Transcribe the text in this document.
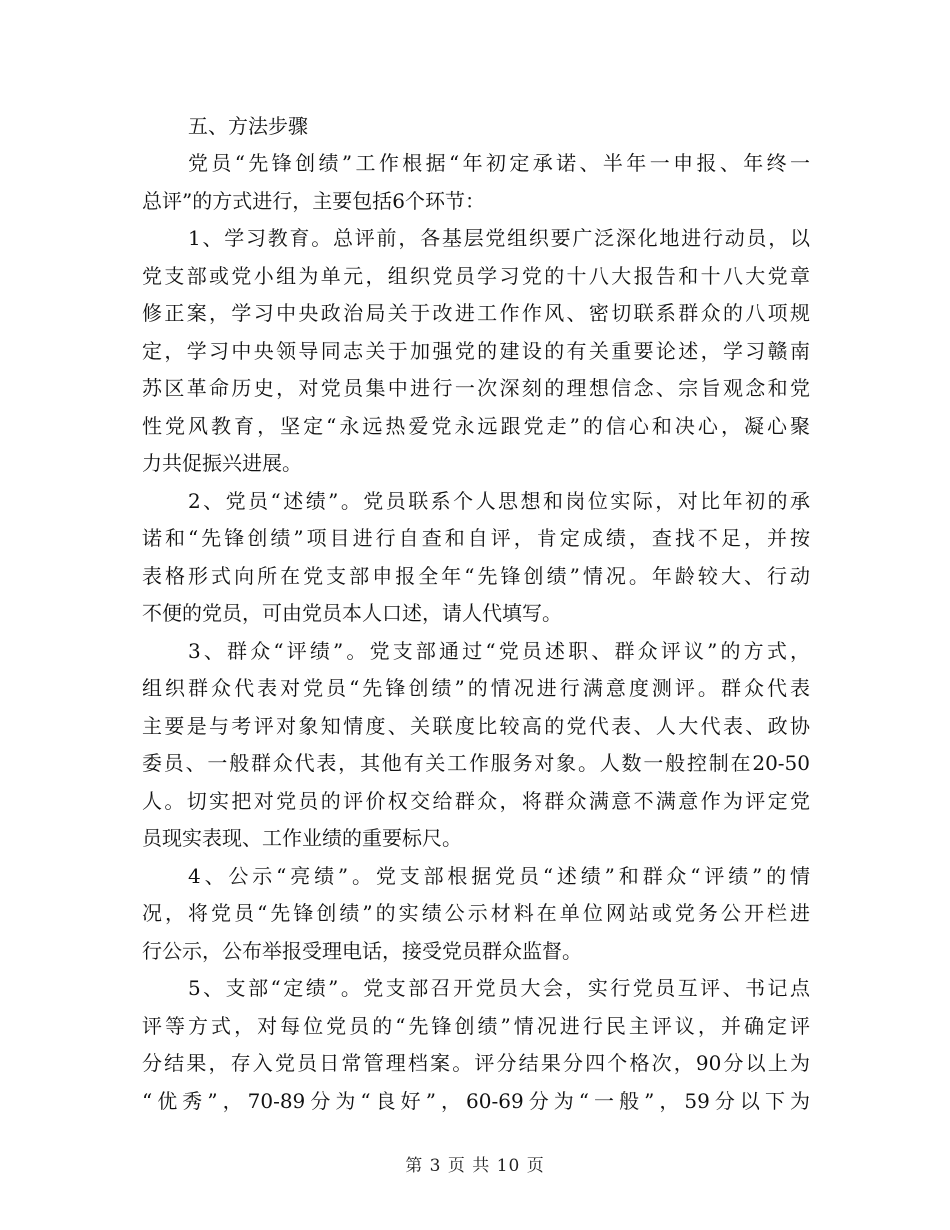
五、方法步骤
党员“先锋创绩”工作根据“年初定承诺、半年一申报、年终一
总评”的方式进行，主要包括6个环节：
1、学习教育。总评前，各基层党组织要广泛深化地进行动员，以
党支部或党小组为单元，组织党员学习党的十八大报告和十八大党章
修正案，学习中央政治局关于改进工作作风、密切联系群众的八项规
定，学习中央领导同志关于加强党的建设的有关重要论述，学习赣南
苏区革命历史，对党员集中进行一次深刻的理想信念、宗旨观念和党
性党风教育，坚定“永远热爱党永远跟党走”的信心和决心，凝心聚
力共促振兴进展。
2、党员“述绩”。党员联系个人思想和岗位实际，对比年初的承
诺和“先锋创绩”项目进行自查和自评，肯定成绩，查找不足，并按
表格形式向所在党支部申报全年“先锋创绩”情况。年龄较大、行动
不便的党员，可由党员本人口述，请人代填写。
3、群众“评绩”。党支部通过“党员述职、群众评议”的方式，
组织群众代表对党员“先锋创绩”的情况进行满意度测评。群众代表
主要是与考评对象知情度、关联度比较高的党代表、人大代表、政协
委员、一般群众代表，其他有关工作服务对象。人数一般控制在20-50
人。切实把对党员的评价权交给群众，将群众满意不满意作为评定党
员现实表现、工作业绩的重要标尺。
4、公示“亮绩”。党支部根据党员“述绩”和群众“评绩”的情
况，将党员“先锋创绩”的实绩公示材料在单位网站或党务公开栏进
行公示，公布举报受理电话，接受党员群众监督。
5、支部“定绩”。党支部召开党员大会，实行党员互评、书记点
评等方式，对每位党员的“先锋创绩”情况进行民主评议，并确定评
分结果，存入党员日常管理档案。评分结果分四个格次，90分以上为
“优秀”，70-89分为“良好”，60-69分为“一般”，59分以下为
第 3 页 共 10 页
